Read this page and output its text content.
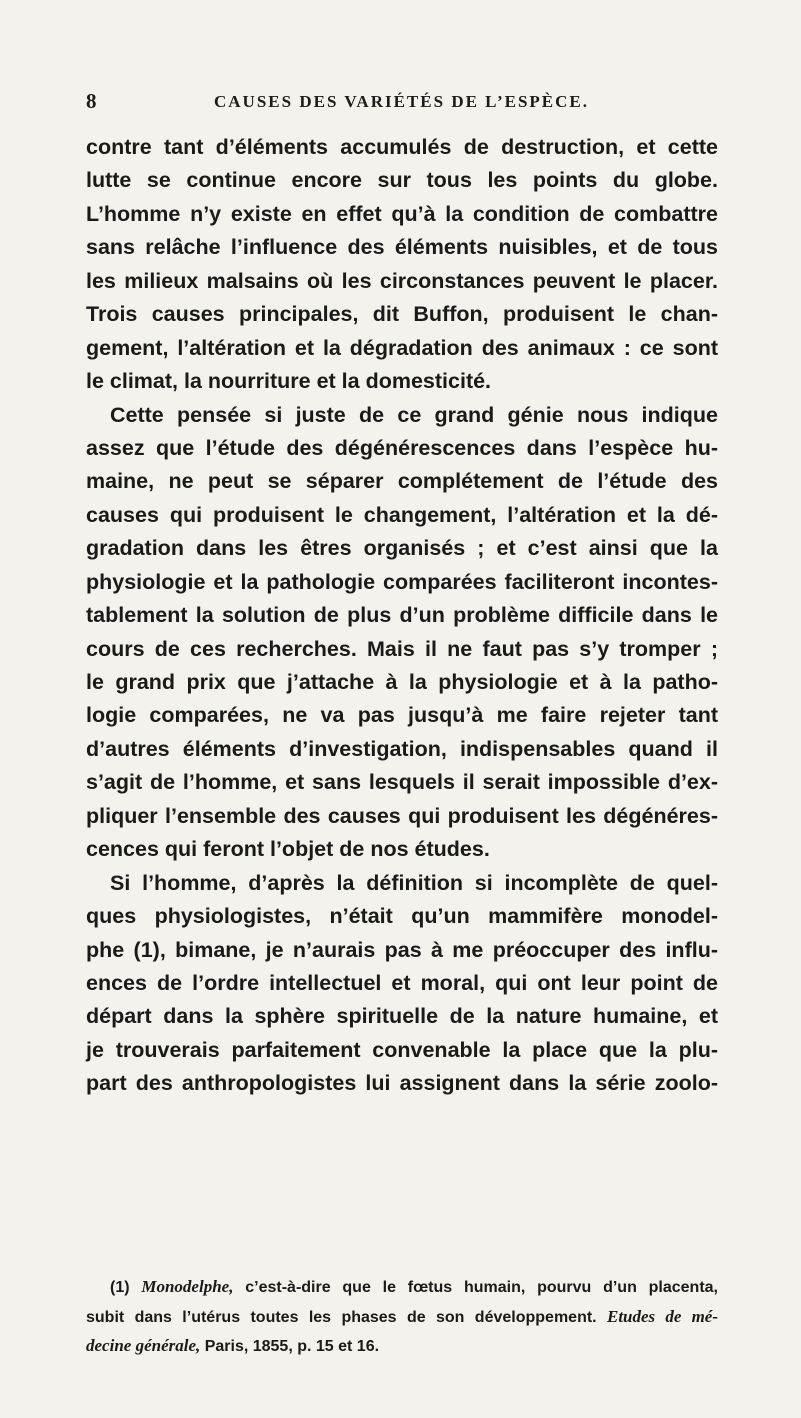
8	CAUSES DES VARIÉTÉS DE L’ESPÈCE.
contre tant d’éléments accumulés de destruction, et cette
lutte se continue encore sur tous les points du globe.
L’homme n’y existe en effet qu’à la condition de combattre
sans relâche l’influence des éléments nuisibles, et de tous
les milieux malsains où les circonstances peuvent le placer.
Trois causes principales, dit Buffon, produisent le chan-
gement, l’altération et la dégradation des animaux : ce sont
le climat, la nourriture et la domesticité.
Cette pensée si juste de ce grand génie nous indique
assez que l’étude des dégénérescences dans l’espèce hu-
maine, ne peut se séparer complétement de l’étude des
causes qui produisent le changement, l’altération et la dé-
gradation dans les êtres organisés ; et c’est ainsi que la
physiologie et la pathologie comparées faciliteront incontes-
tablement la solution de plus d’un problème difficile dans le
cours de ces recherches. Mais il ne faut pas s’y tromper ;
le grand prix que j’attache à la physiologie et à la patho-
logie comparées, ne va pas jusqu’à me faire rejeter tant
d’autres éléments d’investigation, indispensables quand il
s’agit de l’homme, et sans lesquels il serait impossible d’ex-
pliquer l’ensemble des causes qui produisent les dégénéres-
cences qui feront l’objet de nos études.
Si l’homme, d’après la définition si incomplète de quel-
ques physiologistes, n’était qu’un mammifère monodel-
phe (1), bimane, je n’aurais pas à me préoccuper des influ-
ences de l’ordre intellectuel et moral, qui ont leur point de
départ dans la sphère spirituelle de la nature humaine, et
je trouverais parfaitement convenable la place que la plu-
part des anthropologistes lui assignent dans la série zoolo-
(1) Monodelphe, c’est-à-dire que le fœtus humain, pourvu d’un placenta,
subit dans l’utérus toutes les phases de son développement. Etudes de mé-
decine générale, Paris, 1855, p. 15 et 16.
